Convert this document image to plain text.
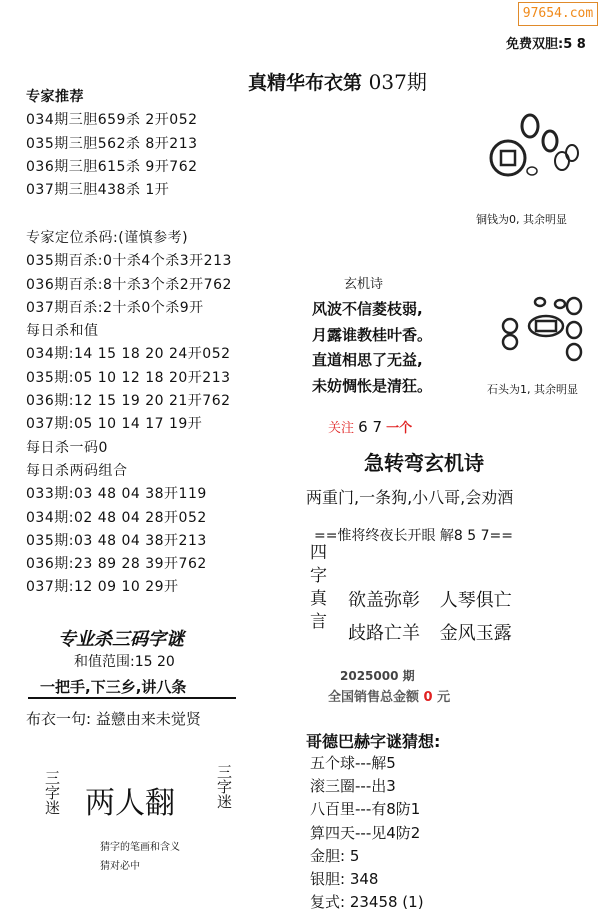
97654.com
免费双胆:5 8
真精华布衣第 037期
专家推荐
034期三胆659杀 2开052
035期三胆562杀 8开213
036期三胆615杀 9开762
037期三胆438杀 1开
专家定位杀码:(谨慎参考)
035期百杀:0十杀4个杀3开213
036期百杀:8十杀3个杀2开762
037期百杀:2十杀0个杀9开
每日杀和值
034期:14 15 18 20 24开052
035期:05 10 12 18 20开213
036期:12 15 19 20 21开762
037期:05 10 14 17 19开
每日杀一码0
每日杀两码组合
033期:03 48 04 38开119
034期:02 48 04 28开052
035期:03 48 04 38开213
036期:23 89 28 39开762
037期:12 09 10 29开
专业杀三码字谜
和值范围:15 20
一把手,下三乡,讲八条
布衣一句: 益戆由来未觉贤
三字迷 两人翻	三字迷
猜字的笔画和含义
猜对必中
铜钱为0, 其余明显
石头为1, 其余明显
玄机诗
风波不信菱枝弱,
月露谁教桂叶香。
直道相思了无益,
未妨惆怅是清狂。
关注 6 7 一个
急转弯玄机诗
两重门,一条狗,小八哥,会劝酒
==惟将终夜长开眼 解8 5 7==
四字真言 欲盖弥彰 人琴俱亡
歧路亡羊 金风玉露
2025000 期
全国销售总金额 0 元
哥德巴赫字谜猜想:
五个球---解5
滚三圈---出3
八百里---有8防1
算四天---见4防2
金胆: 5
银胆: 348
复式: 23458 (1)
